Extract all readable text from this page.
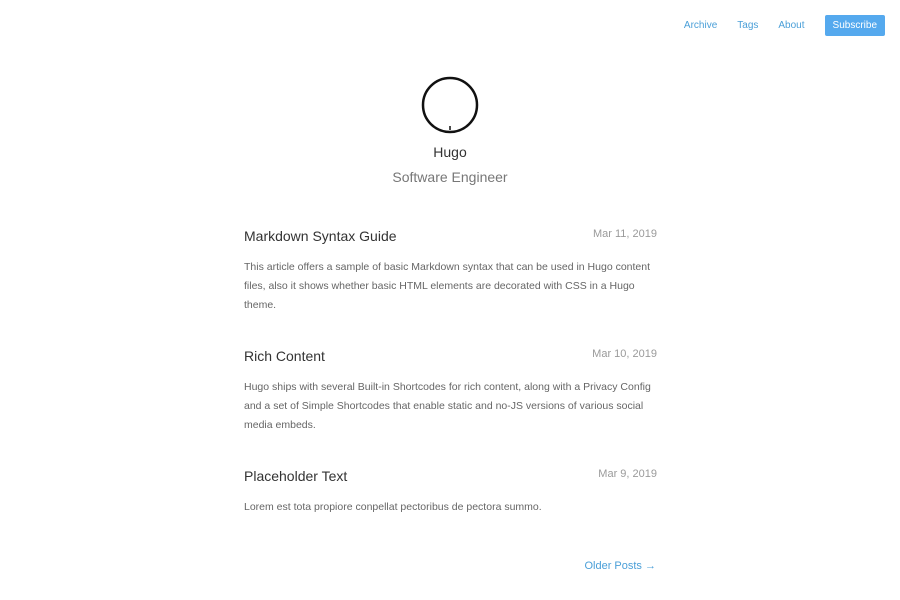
Archive Tags About	Subscribe
Hugo
Software Engineer
Markdown Syntax Guide	Mar 11, 2019
This article offers a sample of basic Markdown syntax that can be used in Hugo content files, also it shows whether basic HTML elements are decorated with CSS in a Hugo theme.
Rich Content	Mar 10, 2019
Hugo ships with several Built-in Shortcodes for rich content, along with a Privacy Config and a set of Simple Shortcodes that enable static and no-JS versions of various social media embeds.
Placeholder Text	Mar 9, 2019
Lorem est tota propiore conpellat pectoribus de pectora summo.
Older Posts →
